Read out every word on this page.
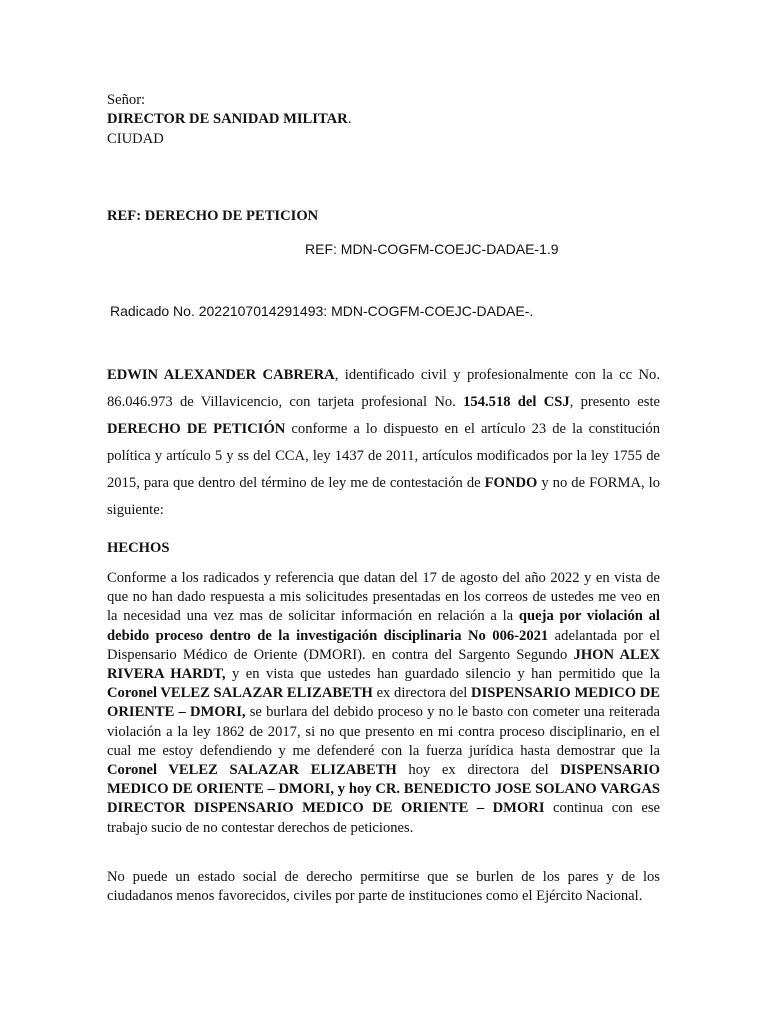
Señor:
DIRECTOR DE SANIDAD MILITAR.
CIUDAD
REF: DERECHO DE PETICION
REF: MDN-COGFM-COEJC-DADAE-1.9
Radicado No. 2022107014291493: MDN-COGFM-COEJC-DADAE-.

EDWIN ALEXANDER CABRERA, identificado civil y profesionalmente con la cc No. 86.046.973 de Villavicencio, con tarjeta profesional No. 154.518 del CSJ, presento este DERECHO DE PETICIÓN conforme a lo dispuesto en el artículo 23 de la constitución política y artículo 5 y ss del CCA, ley 1437 de 2011, artículos modificados por la ley 1755 de 2015, para que dentro del término de ley me de contestación de FONDO y no de FORMA, lo siguiente:

HECHOS

Conforme a los radicados y referencia que datan del 17 de agosto del año 2022 y en vista de que no han dado respuesta a mis solicitudes presentadas en los correos de ustedes me veo en la necesidad una vez mas de solicitar información en relación a la queja por violación al debido proceso dentro de la investigación disciplinaria No 006-2021 adelantada por el Dispensario Médico de Oriente (DMORI). en contra del Sargento Segundo JHON ALEX RIVERA HARDT, y en vista que ustedes han guardado silencio y han permitido que la Coronel VELEZ SALAZAR ELIZABETH ex directora del DISPENSARIO MEDICO DE ORIENTE – DMORI, se burlara del debido proceso y no le basto con cometer una reiterada violación a la ley 1862 de 2017, si no que presento en mi contra proceso disciplinario, en el cual me estoy defendiendo y me defenderé con la fuerza jurídica hasta demostrar que la Coronel VELEZ SALAZAR ELIZABETH hoy ex directora del DISPENSARIO MEDICO DE ORIENTE – DMORI, y hoy CR. BENEDICTO JOSE SOLANO VARGAS DIRECTOR DISPENSARIO MEDICO DE ORIENTE – DMORI continua con ese trabajo sucio de no contestar derechos de peticiones.

No puede un estado social de derecho permitirse que se burlen de los pares y de los ciudadanos menos favorecidos, civiles por parte de instituciones como el Ejército Nacional.
